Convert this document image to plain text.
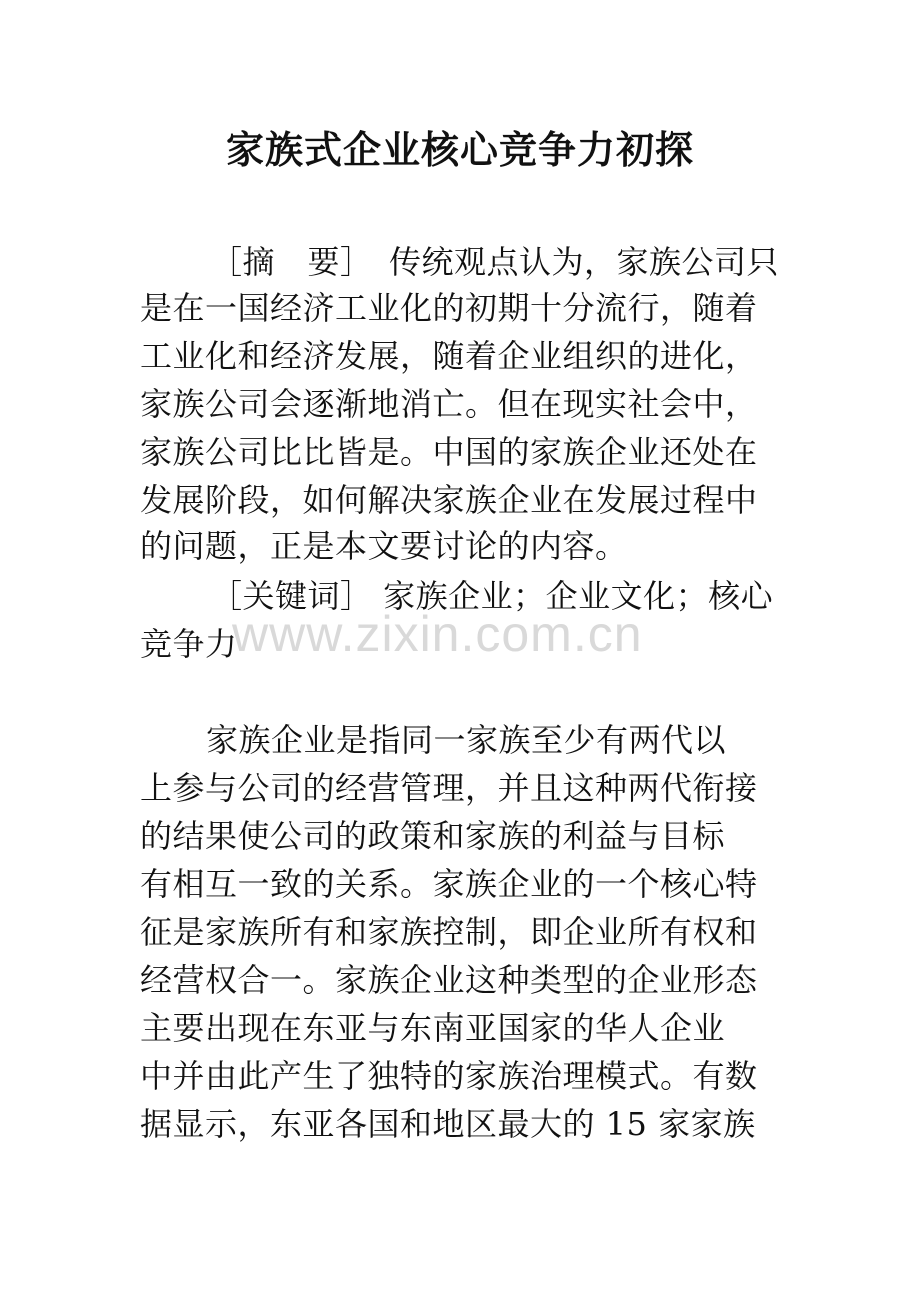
家族式企业核心竞争力初探
［摘　要］　传统观点认为，家族公司只
是在一国经济工业化的初期十分流行，随着
工业化和经济发展，随着企业组织的进化，
家族公司会逐渐地消亡。但在现实社会中，
家族公司比比皆是。中国的家族企业还处在
发展阶段，如何解决家族企业在发展过程中
的问题，正是本文要讨论的内容。
［关键词］ 家族企业；企业文化；核心
竞争力
www.zixin.com.cn
家族企业是指同一家族至少有两代以
上参与公司的经营管理，并且这种两代衔接
的结果使公司的政策和家族的利益与目标
有相互一致的关系。家族企业的一个核心特
征是家族所有和家族控制，即企业所有权和
经营权合一。家族企业这种类型的企业形态
主要出现在东亚与东南亚国家的华人企业
中并由此产生了独特的家族治理模式。有数
据显示，东亚各国和地区最大的 15 家家族
